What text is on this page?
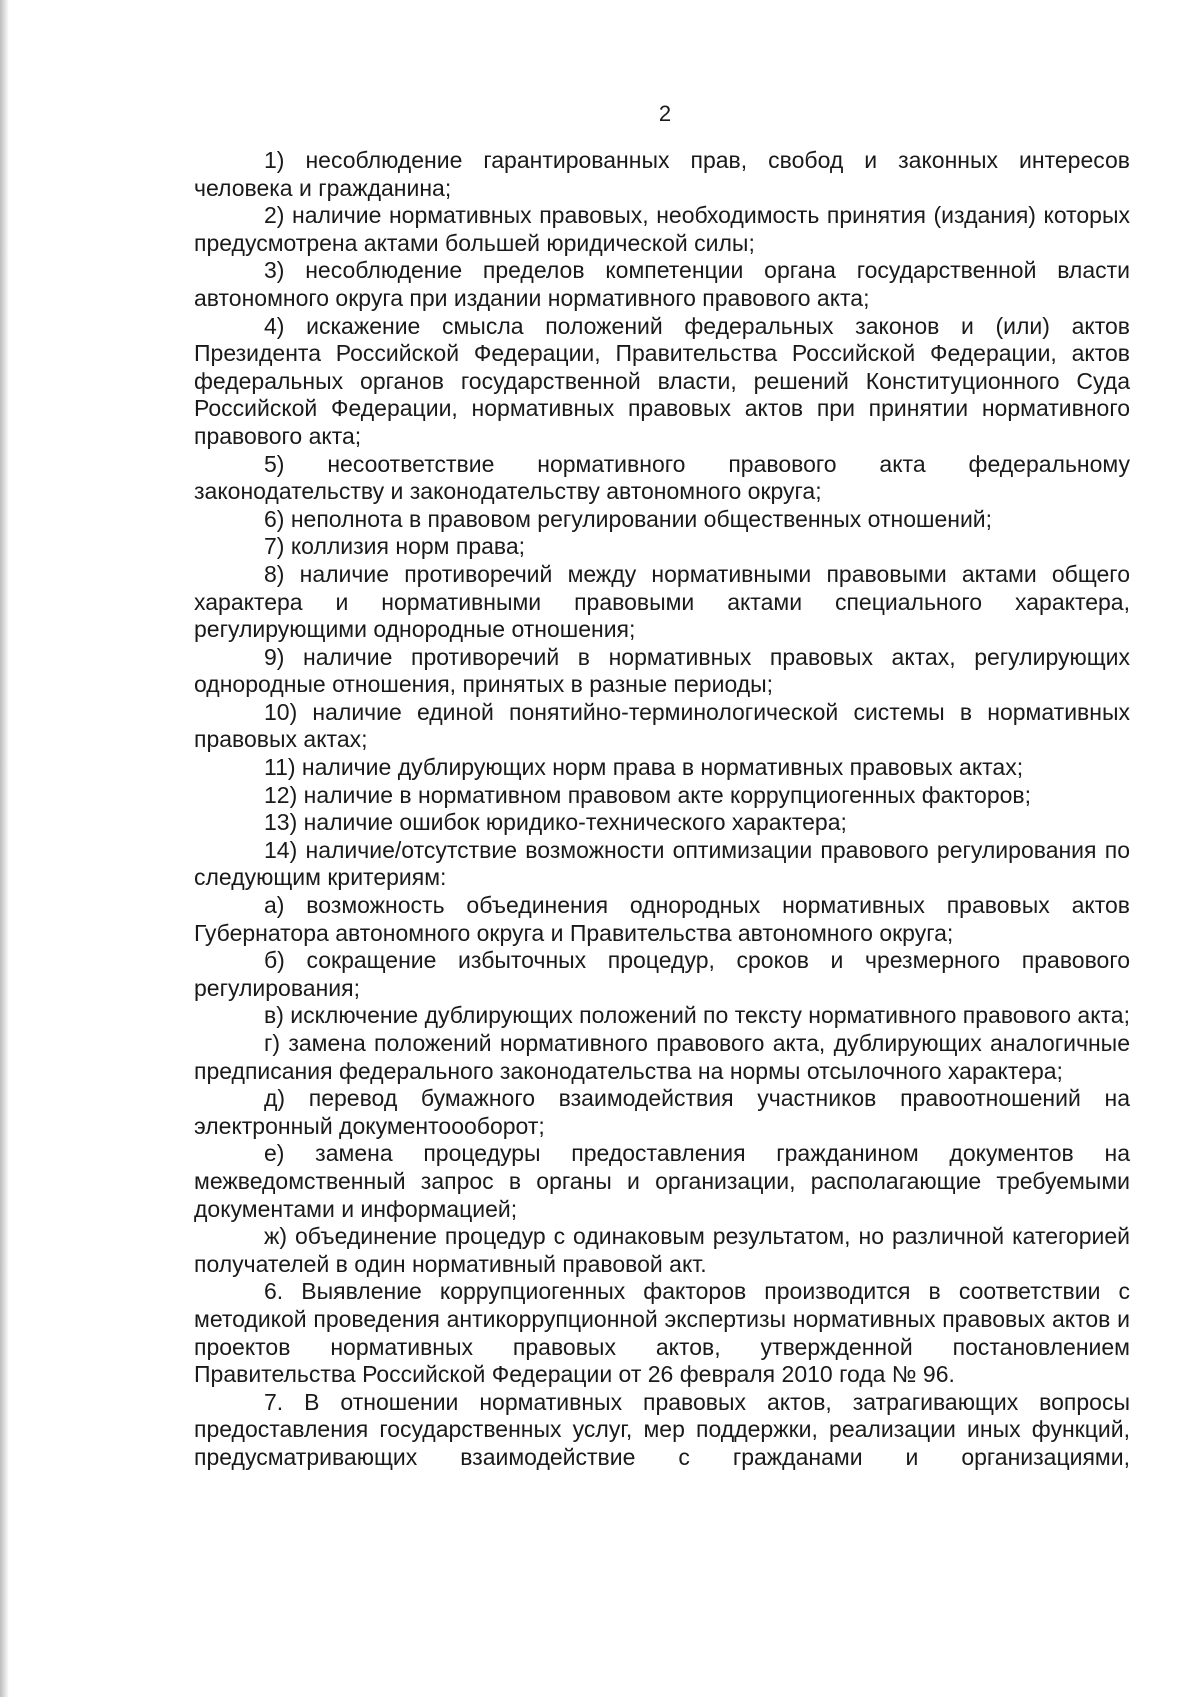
2

1) несоблюдение гарантированных прав, свобод и законных интересов человека и гражданина;

2) наличие нормативных правовых, необходимость принятия (издания) которых предусмотрена актами большей юридической силы;

3) несоблюдение пределов компетенции органа государственной власти автономного округа при издании нормативного правового акта;

4) искажение смысла положений федеральных законов и (или) актов Президента Российской Федерации, Правительства Российской Федерации, актов федеральных органов государственной власти, решений Конституционного Суда Российской Федерации, нормативных правовых актов при принятии нормативного правового акта;

5) несоответствие нормативного правового акта федеральному законодательству и законодательству автономного округа;

6) неполнота в правовом регулировании общественных отношений;

7) коллизия норм права;

8) наличие противоречий между нормативными правовыми актами общего характера и нормативными правовыми актами специального характера, регулирующими однородные отношения;

9) наличие противоречий в нормативных правовых актах, регулирующих однородные отношения, принятых в разные периоды;

10) наличие единой понятийно-терминологической системы в нормативных правовых актах;

11) наличие дублирующих норм права в нормативных правовых актах;

12) наличие в нормативном правовом акте коррупциогенных факторов;

13) наличие ошибок юридико-технического характера;

14) наличие/отсутствие возможности оптимизации правового регулирования по следующим критериям:

а) возможность объединения однородных нормативных правовых актов Губернатора автономного округа и Правительства автономного округа;

б) сокращение избыточных процедур, сроков и чрезмерного правового регулирования;

в) исключение дублирующих положений по тексту нормативного правового акта;

г) замена положений нормативного правового акта, дублирующих аналогичные предписания федерального законодательства на нормы отсылочного характера;

д) перевод бумажного взаимодействия участников правоотношений на электронный документоооборот;

е) замена процедуры предоставления гражданином документов на межведомственный запрос в органы и организации, располагающие требуемыми документами и информацией;

ж) объединение процедур с одинаковым результатом, но различной категорией получателей в один нормативный правовой акт.

6. Выявление коррупциогенных факторов производится в соответствии с методикой проведения антикоррупционной экспертизы нормативных правовых актов и проектов нормативных правовых актов, утвержденной постановлением Правительства Российской Федерации от 26 февраля 2010 года № 96.

7. В отношении нормативных правовых актов, затрагивающих вопросы предоставления государственных услуг, мер поддержки, реализации иных функций, предусматривающих взаимодействие с гражданами и организациями,
